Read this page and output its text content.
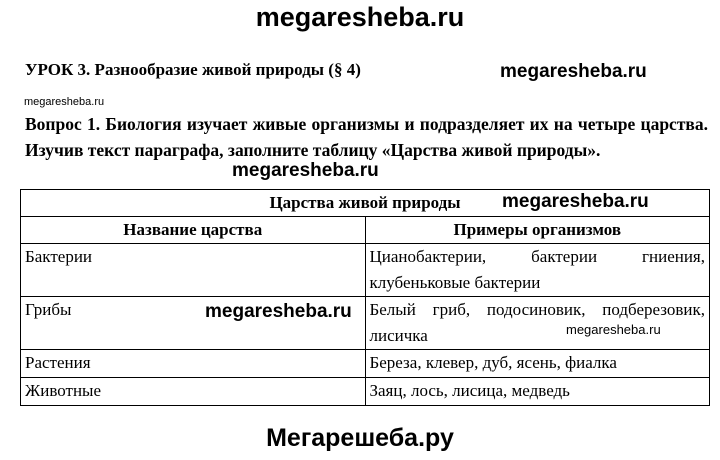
megaresheba.ru
УРОК 3. Разнообразие живой природы (§ 4)	megaresheba.ru
megaresheba.ru
Вопрос 1. Биология изучает живые организмы и подразделяет их на четыре царства. Изучив текст параграфа, заполните таблицу «Царства живой природы».
Царства живой природы	
Название царства	Примеры организмов
Бактерии	Цианобактерии, бактерии гниения, клубеньковые бактерии
Грибы	Белый гриб, подосиновик, подберезовик, лисичка
Растения	Береза, клевер, дуб, ясень, фиалка
Животные	Заяц, лось, лисица, медведь
megaresheba.ru
megaresheba.ru
megaresheba.ru
megaresheba.ru
Мегарешеба.ру
